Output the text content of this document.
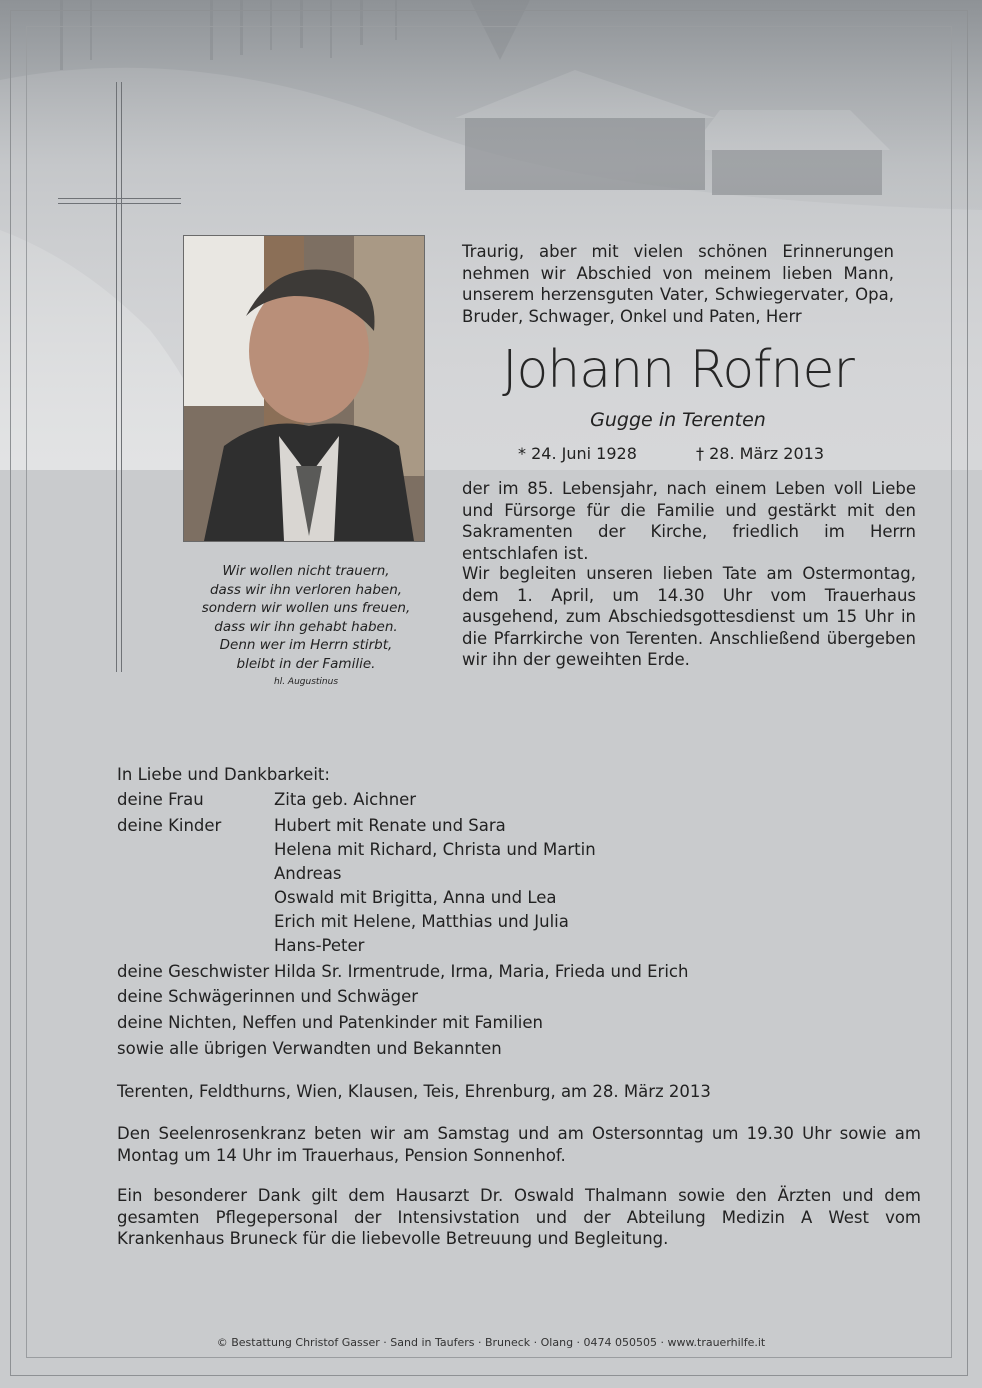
Wir wollen nicht trauern,
dass wir ihn verloren haben,
sondern wir wollen uns freuen,
dass wir ihn gehabt haben.
Denn wer im Herrn stirbt,
bleibt in der Familie.
hl. Augustinus
Traurig, aber mit vielen schönen Erinnerungen nehmen wir Abschied von meinem lieben Mann, unserem herzensguten Vater, Schwiegervater, Opa, Bruder, Schwager, Onkel und Paten, Herr
Johann Rofner
Gugge in Terenten
* 24. Juni 1928	† 28. März 2013
der im 85. Lebensjahr, nach einem Leben voll Liebe und Fürsorge für die Familie und gestärkt mit den Sakramenten der Kirche, friedlich im Herrn entschlafen ist.
Wir begleiten unseren lieben Tate am Ostermontag, dem 1. April, um 14.30 Uhr vom Trauerhaus ausgehend, zum Abschiedsgottesdienst um 15 Uhr in die Pfarrkirche von Terenten. Anschließend übergeben wir ihn der geweihten Erde.
In Liebe und Dankbarkeit:
deine Frau	Zita geb. Aichner
deine Kinder	Hubert mit Renate und Sara
Helena mit Richard, Christa und Martin
Andreas
Oswald mit Brigitta, Anna und Lea
Erich mit Helene, Matthias und Julia
Hans-Peter
deine Geschwister Hilda Sr. Irmentrude, Irma, Maria, Frieda und Erich
deine Schwägerinnen und Schwäger
deine Nichten, Neffen und Patenkinder mit Familien
sowie alle übrigen Verwandten und Bekannten
Terenten, Feldthurns, Wien, Klausen, Teis, Ehrenburg, am 28. März 2013
Den Seelenrosenkranz beten wir am Samstag und am Ostersonntag um 19.30 Uhr sowie am Montag um 14 Uhr im Trauerhaus, Pension Sonnenhof.
Ein besonderer Dank gilt dem Hausarzt Dr. Oswald Thalmann sowie den Ärzten und dem gesamten Pflegepersonal der Intensivstation und der Abteilung Medizin A West vom Krankenhaus Bruneck für die liebevolle Betreuung und Begleitung.
© Bestattung Christof Gasser · Sand in Taufers · Bruneck · Olang · 0474 050505 · www.trauerhilfe.it
